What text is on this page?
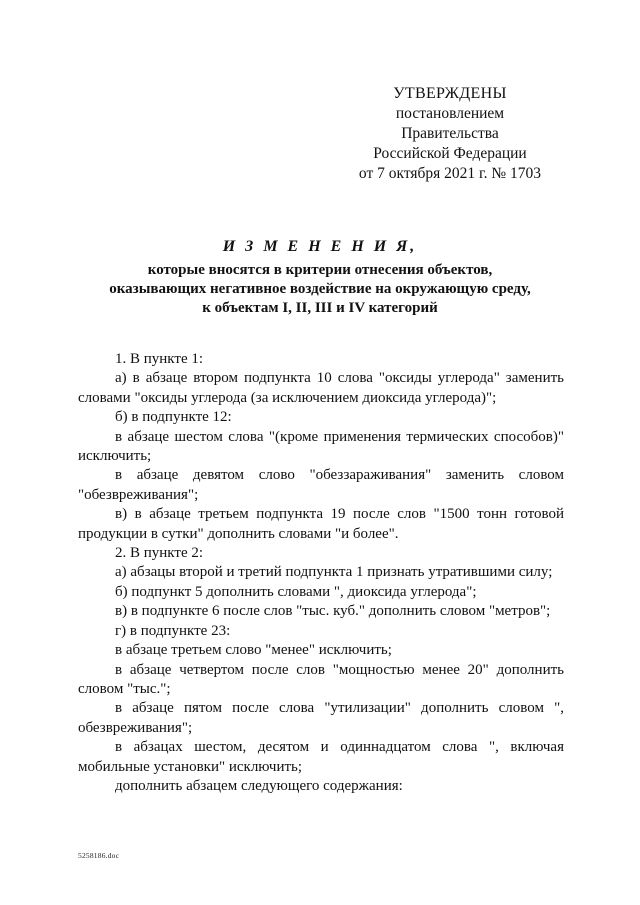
УТВЕРЖДЕНЫ
постановлением Правительства
Российской Федерации
от 7 октября 2021 г. № 1703
И З М Е Н Е Н И Я,
которые вносятся в критерии отнесения объектов,
оказывающих негативное воздействие на окружающую среду,
к объектам I, II, III и IV категорий

1. В пункте 1:

а) в абзаце втором подпункта 10 слова "оксиды углерода" заменить словами "оксиды углерода (за исключением диоксида углерода)";

б) в подпункте 12:

в абзаце шестом слова "(кроме применения термических способов)" исключить;

в абзаце девятом слово "обеззараживания" заменить словом "обезвреживания";

в) в абзаце третьем подпункта 19 после слов "1500 тонн готовой продукции в сутки" дополнить словами "и более".

2. В пункте 2:

а) абзацы второй и третий подпункта 1 признать утратившими силу;

б) подпункт 5 дополнить словами ", диоксида углерода";

в) в подпункте 6 после слов "тыс. куб." дополнить словом "метров";

г) в подпункте 23:

в абзаце третьем слово "менее" исключить;

в абзаце четвертом после слов "мощностью менее 20" дополнить словом "тыс.";

в абзаце пятом после слова "утилизации" дополнить словом ", обезвреживания";

в абзацах шестом, десятом и одиннадцатом слова ", включая мобильные установки" исключить;

дополнить абзацем следующего содержания:

5258186.doc
